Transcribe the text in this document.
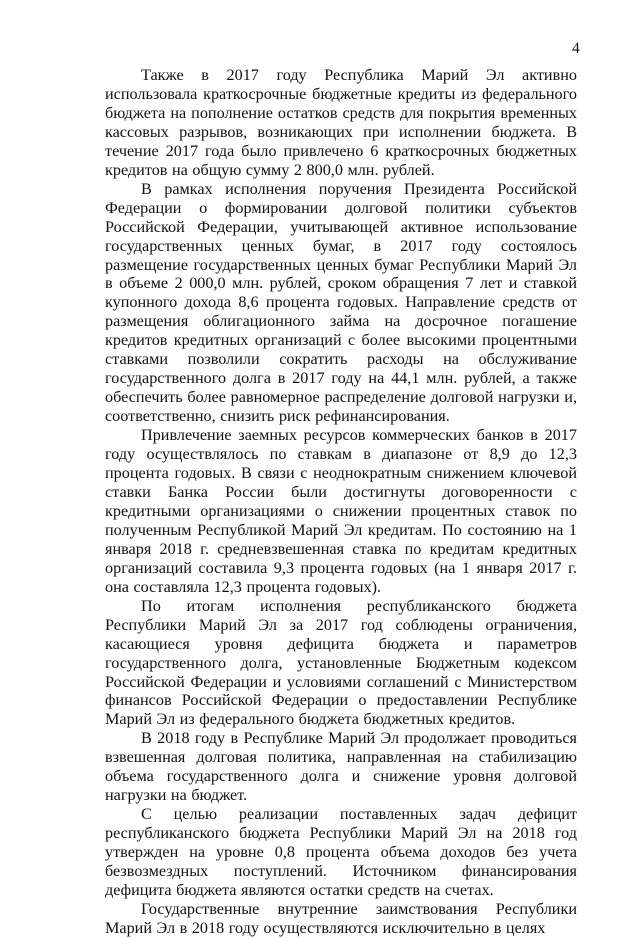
4

Также в 2017 году Республика Марий Эл активно использовала краткосрочные бюджетные кредиты из федерального бюджета на пополнение остатков средств для покрытия временных кассовых разрывов, возникающих при исполнении бюджета. В течение 2017 года было привлечено 6 краткосрочных бюджетных кредитов на общую сумму 2 800,0 млн. рублей.

В рамках исполнения поручения Президента Российской Федерации о формировании долговой политики субъектов Российской Федерации, учитывающей активное использование государственных ценных бумаг, в 2017 году состоялось размещение государственных ценных бумаг Республики Марий Эл в объеме 2 000,0 млн. рублей, сроком обращения 7 лет и ставкой купонного дохода 8,6 процента годовых. Направление средств от размещения облигационного займа на досрочное погашение кредитов кредитных организаций с более высокими процентными ставками позволили сократить расходы на обслуживание государственного долга в 2017 году на 44,1 млн. рублей, а также обеспечить более равномерное распределение долговой нагрузки и, соответственно, снизить риск рефинансирования.

Привлечение заемных ресурсов коммерческих банков в 2017 году осуществлялось по ставкам в диапазоне от 8,9 до 12,3 процента годовых. В связи с неоднократным снижением ключевой ставки Банка России были достигнуты договоренности с кредитными организациями о снижении процентных ставок по полученным Республикой Марий Эл кредитам. По состоянию на 1 января 2018 г. средневзвешенная ставка по кредитам кредитных организаций составила 9,3 процента годовых (на 1 января 2017 г. она составляла 12,3 процента годовых).

По итогам исполнения республиканского бюджета Республики Марий Эл за 2017 год соблюдены ограничения, касающиеся уровня дефицита бюджета и параметров государственного долга, установленные Бюджетным кодексом Российской Федерации и условиями соглашений с Министерством финансов Российской Федерации о предоставлении Республике Марий Эл из федерального бюджета бюджетных кредитов.

В 2018 году в Республике Марий Эл продолжает проводиться взвешенная долговая политика, направленная на стабилизацию объема государственного долга и снижение уровня долговой нагрузки на бюджет.

С целью реализации поставленных задач дефицит республиканского бюджета Республики Марий Эл на 2018 год утвержден на уровне 0,8 процента объема доходов без учета безвозмездных поступлений. Источником финансирования дефицита бюджета являются остатки средств на счетах.

Государственные внутренние заимствования Республики Марий Эл в 2018 году осуществляются исключительно в целях
